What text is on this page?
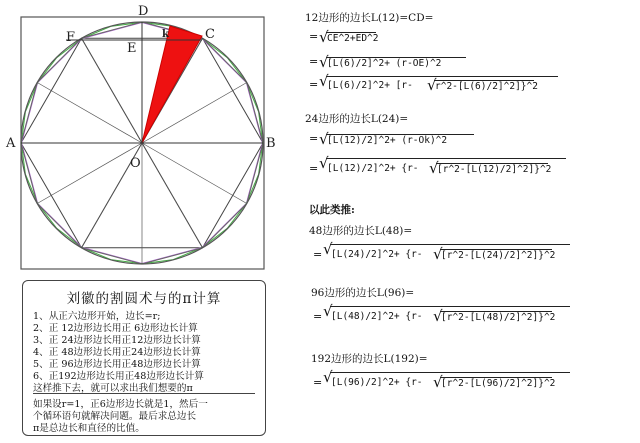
D
F
E
k	C
A	B
O
12边形的边长L(12)=CD=
= √
CE^2+ED^2
= √
[L(6)/2]^2+ (r-OE)^2
= √
[L(6)/2]^2+ [r- √
r^2-[L(6)/2]^2]}^2
24边形的边长L(24)=
= √
[L(12)/2]^2+ (r-Ok)^2
= √
[L(12)/2]^2+ {r- √
[r^2-[L(12)/2]^2]}^2
以此类推:
48边形的边长L(48)=
= √
[L(24)/2]^2+ {r- √
[r^2-[L(24)/2]^2]}^2
96边形的边长L(96)=
= √
[L(48)/2]^2+ {r- √
[r^2-[L(48)/2]^2]}^2
192边形的边长L(192)=
= √
[L(96)/2]^2+ {r- √
[r^2-[L(96)/2]^2]}^2
刘徽的割圆术与的π计算
1、从正六边形开始，边长=r;
2、正 12边形边长用正 6边形边长计算
3、正 24边形边长用正12边形边长计算
4、正 48边形边长用正24边形边长计算
5、正 96边形边长用正48边形边长计算
6、正192边形边长用正48边形边长计算
这样推下去，就可以求出我们想要的π
如果设r=1，正6边形边长就是1，然后一
个循环语句就解决问题。最后求总边长
π是总边长和直径的比值。
